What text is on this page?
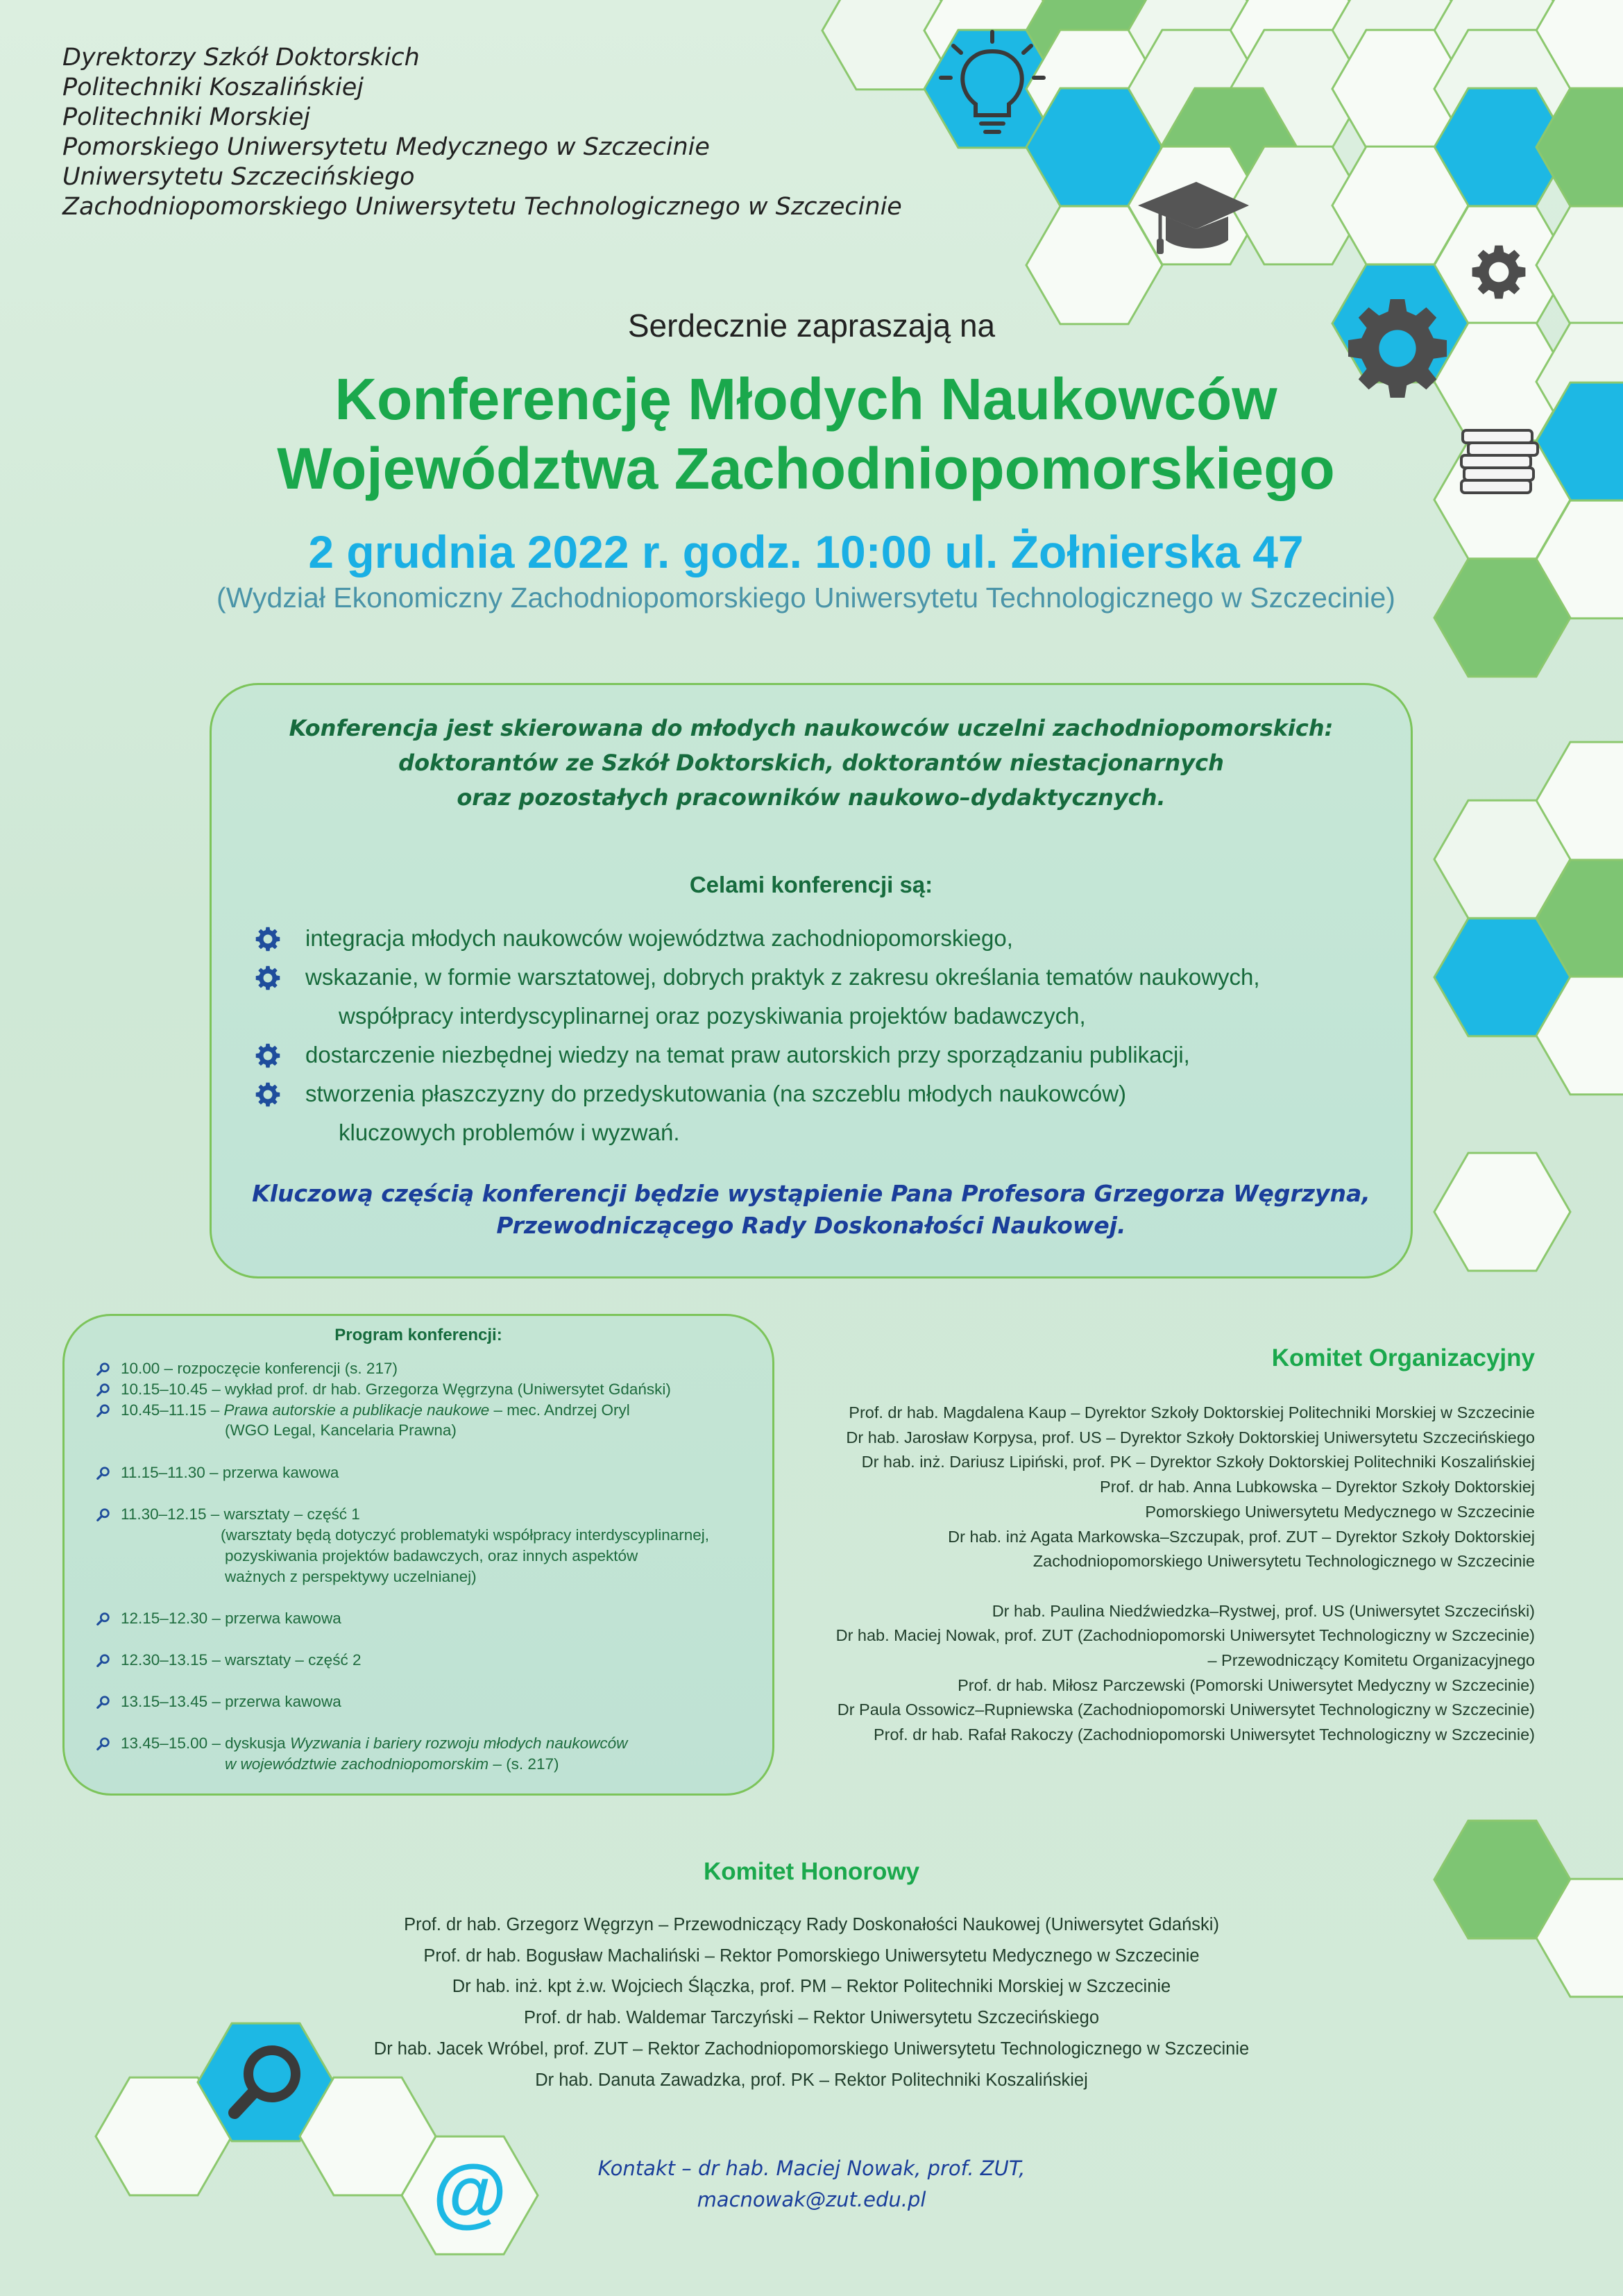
@
Dyrektorzy Szkół Doktorskich
Politechniki Koszalińskiej
Politechniki Morskiej
Pomorskiego Uniwersytetu Medycznego w Szczecinie
Uniwersytetu Szczecińskiego
Zachodniopomorskiego Uniwersytetu Technologicznego w Szczecinie
Serdecznie zapraszają na
Konferencję Młodych Naukowców
Województwa Zachodniopomorskiego
2 grudnia 2022 r. godz. 10:00 ul. Żołnierska 47
(Wydział Ekonomiczny Zachodniopomorskiego Uniwersytetu Technologicznego w Szczecinie)
Konferencja jest skierowana do młodych naukowców uczelni zachodniopomorskich:
doktorantów ze Szkół Doktorskich, doktorantów niestacjonarnych
oraz pozostałych pracowników naukowo–dydaktycznych.
Celami konferencji są:
integracja młodych naukowców województwa zachodniopomorskiego,
wskazanie, w formie warsztatowej, dobrych praktyk z zakresu określania tematów naukowych,
współpracy interdyscyplinarnej oraz pozyskiwania projektów badawczych,
dostarczenie niezbędnej wiedzy na temat praw autorskich przy sporządzaniu publikacji,
stworzenia płaszczyzny do przedyskutowania (na szczeblu młodych naukowców)
kluczowych problemów i wyzwań.
Kluczową częścią konferencji będzie wystąpienie Pana Profesora Grzegorza Węgrzyna,
Przewodniczącego Rady Doskonałości Naukowej.
Program konferencji:
10.00 – rozpoczęcie konferencji (s. 217)
10.15–10.45 – wykład prof. dr hab. Grzegorza Węgrzyna (Uniwersytet Gdański)
10.45–11.15 – Prawa autorskie a publikacje naukowe – mec. Andrzej Oryl
(WGO Legal, Kancelaria Prawna)
11.15–11.30 – przerwa kawowa
11.30–12.15 – warsztaty – część 1
(warsztaty będą dotyczyć problematyki współpracy interdyscyplinarnej,
pozyskiwania projektów badawczych, oraz innych aspektów
ważnych z perspektywy uczelnianej)
12.15–12.30 – przerwa kawowa
12.30–13.15 – warsztaty – część 2
13.15–13.45 – przerwa kawowa
13.45–15.00 – dyskusja Wyzwania i bariery rozwoju młodych naukowców
w województwie zachodniopomorskim – (s. 217)
Komitet Organizacyjny
Prof. dr hab. Magdalena Kaup – Dyrektor Szkoły Doktorskiej Politechniki Morskiej w Szczecinie
Dr hab. Jarosław Korpysa, prof. US – Dyrektor Szkoły Doktorskiej Uniwersytetu Szczecińskiego
Dr hab. inż. Dariusz Lipiński, prof. PK – Dyrektor Szkoły Doktorskiej Politechniki Koszalińskiej
Prof. dr hab. Anna Lubkowska – Dyrektor Szkoły Doktorskiej
Pomorskiego Uniwersytetu Medycznego w Szczecinie
Dr hab. inż Agata Markowska–Szczupak, prof. ZUT – Dyrektor Szkoły Doktorskiej
Zachodniopomorskiego Uniwersytetu Technologicznego w Szczecinie
Dr hab. Paulina Niedźwiedzka–Rystwej, prof. US (Uniwersytet Szczeciński)
Dr hab. Maciej Nowak, prof. ZUT (Zachodniopomorski Uniwersytet Technologiczny w Szczecinie)
– Przewodniczący Komitetu Organizacyjnego
Prof. dr hab. Miłosz Parczewski (Pomorski Uniwersytet Medyczny w Szczecinie)
Dr Paula Ossowicz–Rupniewska (Zachodniopomorski Uniwersytet Technologiczny w Szczecinie)
Prof. dr hab. Rafał Rakoczy (Zachodniopomorski Uniwersytet Technologiczny w Szczecinie)
Komitet Honorowy
Prof. dr hab. Grzegorz Węgrzyn – Przewodniczący Rady Doskonałości Naukowej (Uniwersytet Gdański)
Prof. dr hab. Bogusław Machaliński – Rektor Pomorskiego Uniwersytetu Medycznego w Szczecinie
Dr hab. inż. kpt ż.w. Wojciech Ślączka, prof. PM – Rektor Politechniki Morskiej w Szczecinie
Prof. dr hab. Waldemar Tarczyński – Rektor Uniwersytetu Szczecińskiego
Dr hab. Jacek Wróbel, prof. ZUT – Rektor Zachodniopomorskiego Uniwersytetu Technologicznego w Szczecinie
Dr hab. Danuta Zawadzka, prof. PK – Rektor Politechniki Koszalińskiej
Kontakt – dr hab. Maciej Nowak, prof. ZUT,
macnowak@zut.edu.pl
